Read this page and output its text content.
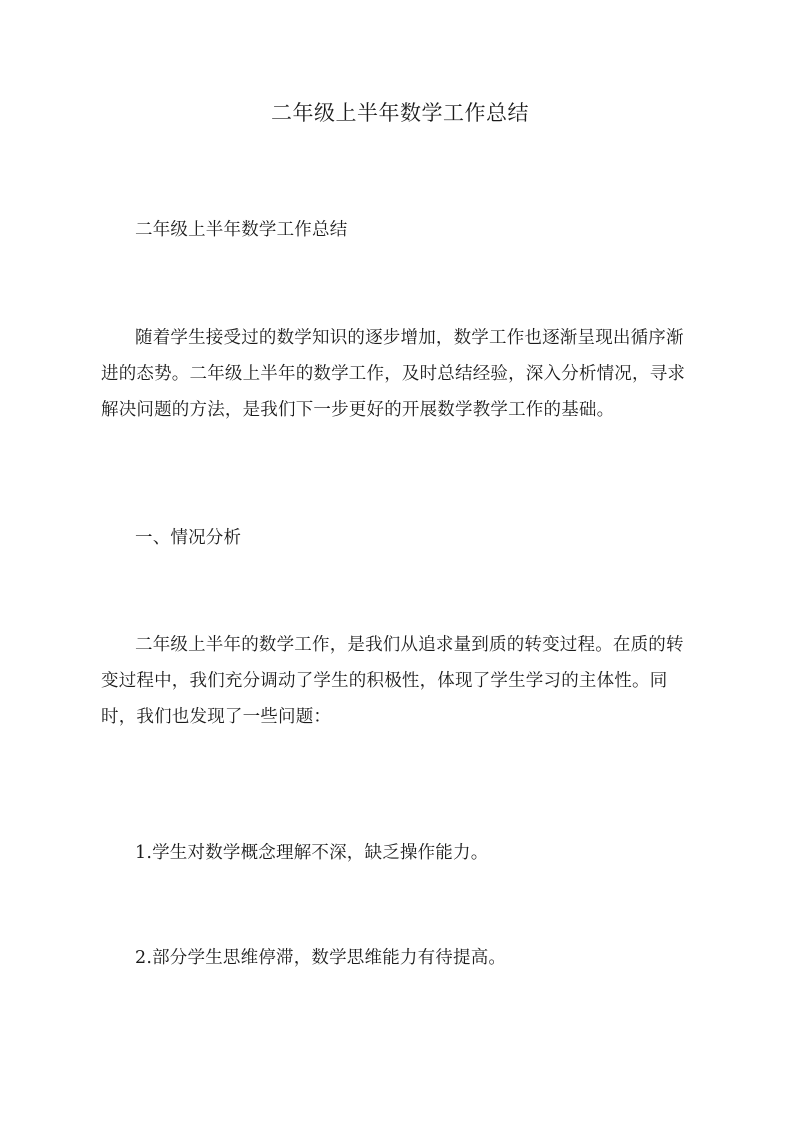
二年级上半年数学工作总结

二年级上半年数学工作总结

随着学生接受过的数学知识的逐步增加，数学工作也逐渐呈现出循序渐进的态势。二年级上半年的数学工作，及时总结经验，深入分析情况，寻求解决问题的方法，是我们下一步更好的开展数学教学工作的基础。

一、情况分析

二年级上半年的数学工作，是我们从追求量到质的转变过程。在质的转变过程中，我们充分调动了学生的积极性，体现了学生学习的主体性。同时，我们也发现了一些问题：

1.学生对数学概念理解不深，缺乏操作能力。

2.部分学生思维停滞，数学思维能力有待提高。
